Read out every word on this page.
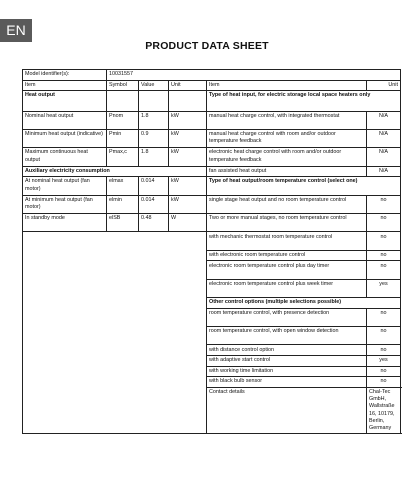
EN
PRODUCT DATA SHEET
Model identifier(s):	10031557				
Item	Symbol	Value	Unit	Item	Unit
Heat output				Type of heat input, for electric storage local space heaters only	
Nominal heat output	Pnom	1.8	kW	manual heat charge control, with integrated thermostat	N/A
Minimum heat output (indicative)	Pmin	0.9	kW	manual heat charge control with room and/or outdoor temperature feedback	N/A
Maximum continuous heat output	Pmax,c	1.8	kW	electronic heat charge control with room and/or outdoor temperature feedback	N/A
Auxiliary electricity consumption				fan assisted heat output	N/A
At nominal heat output (fan motor)	elmax	0.014	kW	Type of heat output/room temperature control (select one)	
At minimum heat output (fan motor)	elmin	0.014	kW	single stage heat output and no room temperature control	no
In standby mode	elSB	0.48	W	Two or more manual stages, no room temperature control	no
				with mechanic thermostat room temperature control	no
				with electronic room temperature control	no
				electronic room temperature control plus day timer	no
				electronic room temperature control plus week timer	yes
				Other control options (multiple selections possible)	
				room temperature control, with presence detection	no
				room temperature control, with open window detection	no
				with distance control option	no
				with adaptive start control	yes
				with working time limitation	no
				with black bulb sensor	no
				Contact details	Chal-Tec GmbH, Wallstraße 16, 10179, Berlin, Germany
